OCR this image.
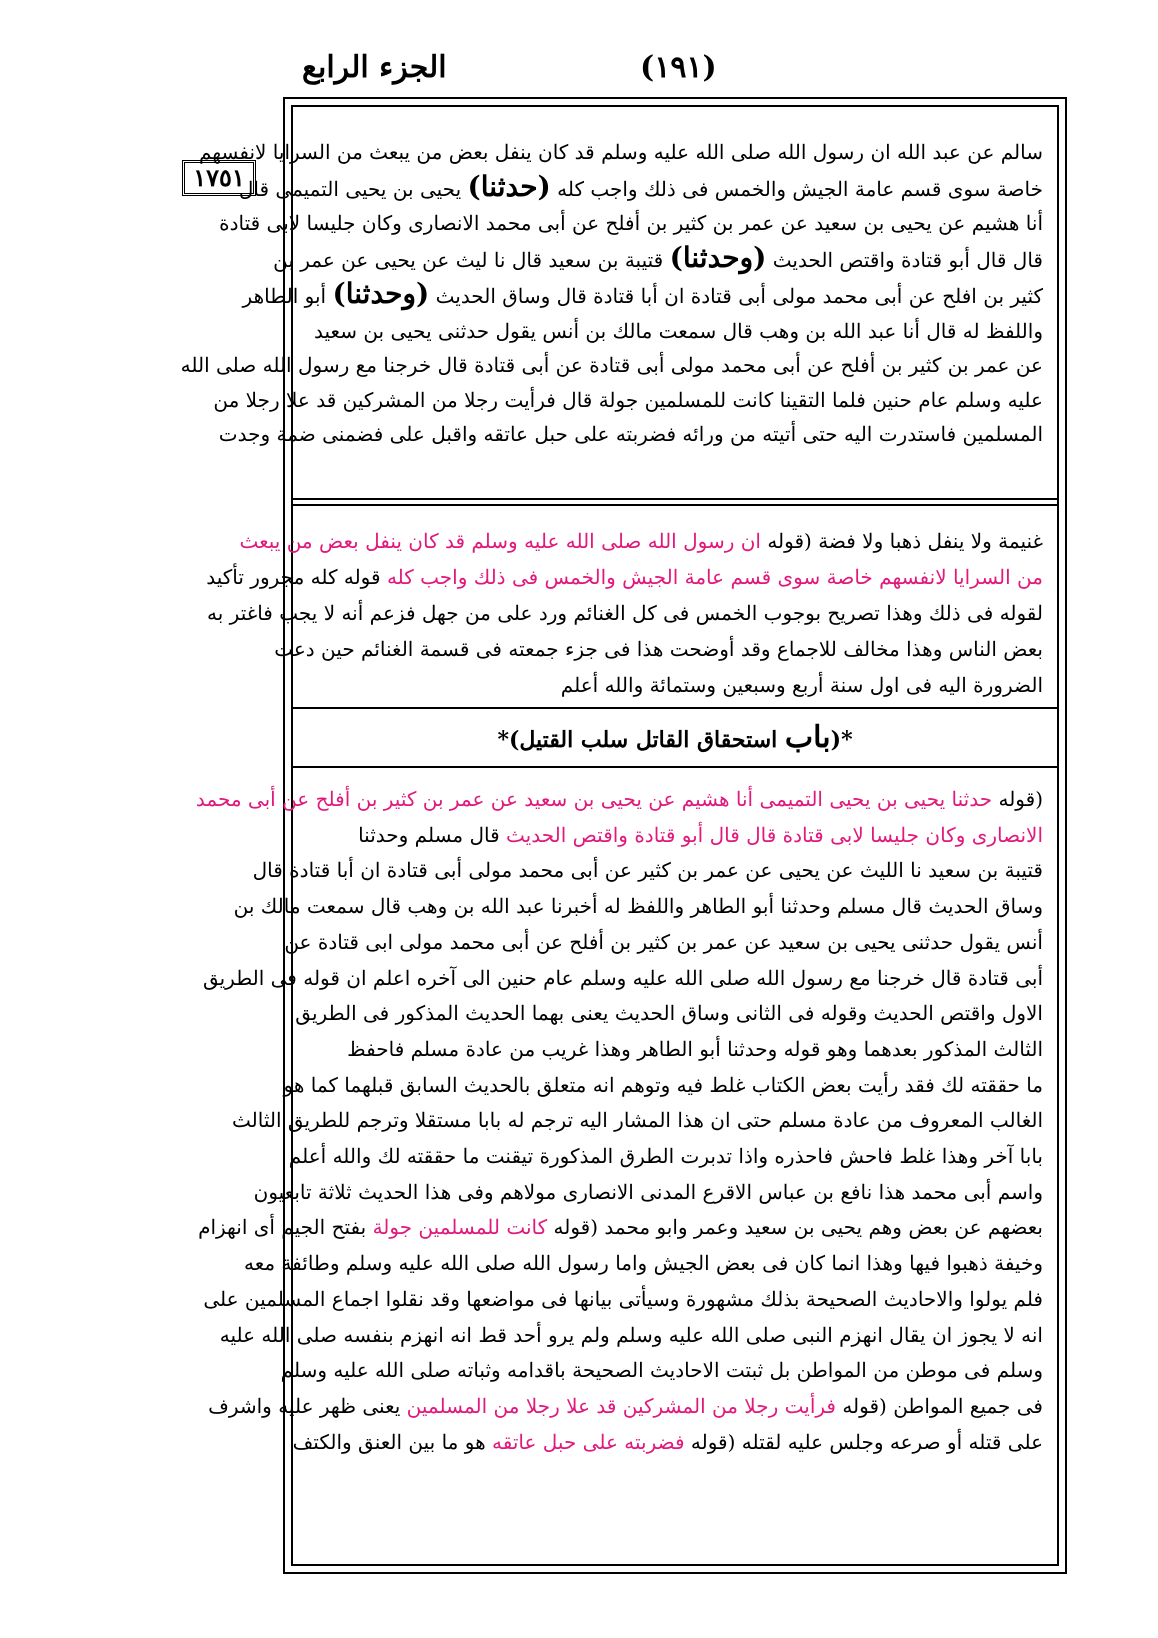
الجزء الرابع	(١٩١)
١٧٥١
سالم عن عبد الله ان رسول الله صلى الله عليه وسلم قد كان ينفل بعض من يبعث من السرايا لانفسهم
خاصة سوى قسم عامة الجيش والخمس فى ذلك واجب كله (حدثنا) يحيى بن يحيى التميمى قال
أنا هشيم عن يحيى بن سعيد عن عمر بن كثير بن أفلح عن أبى محمد الانصارى وكان جليسا لابى قتادة
قال قال أبو قتادة واقتص الحديث (وحدثنا) قتيبة بن سعيد قال نا ليث عن يحيى عن عمر بن
كثير بن افلح عن أبى محمد مولى أبى قتادة ان أبا قتادة قال وساق الحديث (وحدثنا) أبو الطاهر
واللفظ له قال أنا عبد الله بن وهب قال سمعت مالك بن أنس يقول حدثنى يحيى بن سعيد
عن عمر بن كثير بن أفلح عن أبى محمد مولى أبى قتادة عن أبى قتادة قال خرجنا مع رسول الله صلى الله
عليه وسلم عام حنين فلما التقينا كانت للمسلمين جولة قال فرأيت رجلا من المشركين قد علا رجلا من
المسلمين فاستدرت اليه حتى أتيته من ورائه فضربته على حبل عاتقه واقبل على فضمنى ضمة وجدت
غنيمة ولا ينفل ذهبا ولا فضة (قوله ان رسول الله صلى الله عليه وسلم قد كان ينفل بعض من يبعث
من السرايا لانفسهم خاصة سوى قسم عامة الجيش والخمس فى ذلك واجب كله قوله كله مجرور تأكيد
لقوله فى ذلك وهذا تصريح بوجوب الخمس فى كل الغنائم ورد على من جهل فزعم أنه لا يجب فاغتر به
بعض الناس وهذا مخالف للاجماع وقد أوضحت هذا فى جزء جمعته فى قسمة الغنائم حين دعت
الضرورة اليه فى اول سنة أربع وسبعين وستمائة والله أعلم
*(باب استحقاق القاتل سلب القتيل)*
(قوله حدثنا يحيى بن يحيى التميمى أنا هشيم عن يحيى بن سعيد عن عمر بن كثير بن أفلح عن أبى محمد
الانصارى وكان جليسا لابى قتادة قال قال أبو قتادة واقتص الحديث قال مسلم وحدثنا
قتيبة بن سعيد نا الليث عن يحيى عن عمر بن كثير عن أبى محمد مولى أبى قتادة ان أبا قتادة قال
وساق الحديث قال مسلم وحدثنا أبو الطاهر واللفظ له أخبرنا عبد الله بن وهب قال سمعت مالك بن
أنس يقول حدثنى يحيى بن سعيد عن عمر بن كثير بن أفلح عن أبى محمد مولى ابى قتادة عن
أبى قتادة قال خرجنا مع رسول الله صلى الله عليه وسلم عام حنين الى آخره اعلم ان قوله فى الطريق
الاول واقتص الحديث وقوله فى الثانى وساق الحديث يعنى بهما الحديث المذكور فى الطريق
الثالث المذكور بعدهما وهو قوله وحدثنا أبو الطاهر وهذا غريب من عادة مسلم فاحفظ
ما حققته لك فقد رأيت بعض الكتاب غلط فيه وتوهم انه متعلق بالحديث السابق قبلهما كما هو
الغالب المعروف من عادة مسلم حتى ان هذا المشار اليه ترجم له بابا مستقلا وترجم للطريق الثالث
بابا آخر وهذا غلط فاحش فاحذره واذا تدبرت الطرق المذكورة تيقنت ما حققته لك والله أعلم
واسم أبى محمد هذا نافع بن عباس الاقرع المدنى الانصارى مولاهم وفى هذا الحديث ثلاثة تابعيون
بعضهم عن بعض وهم يحيى بن سعيد وعمر وابو محمد (قوله كانت للمسلمين جولة بفتح الجيم أى انهزام
وخيفة ذهبوا فيها وهذا انما كان فى بعض الجيش واما رسول الله صلى الله عليه وسلم وطائفة معه
فلم يولوا والاحاديث الصحيحة بذلك مشهورة وسيأتى بيانها فى مواضعها وقد نقلوا اجماع المسلمين على
انه لا يجوز ان يقال انهزم النبى صلى الله عليه وسلم ولم يرو أحد قط انه انهزم بنفسه صلى الله عليه
وسلم فى موطن من المواطن بل ثبتت الاحاديث الصحيحة باقدامه وثباته صلى الله عليه وسلم
فى جميع المواطن (قوله فرأيت رجلا من المشركين قد علا رجلا من المسلمين يعنى ظهر عليه واشرف
على قتله أو صرعه وجلس عليه لقتله (قوله فضربته على حبل عاتقه هو ما بين العنق والكتف
